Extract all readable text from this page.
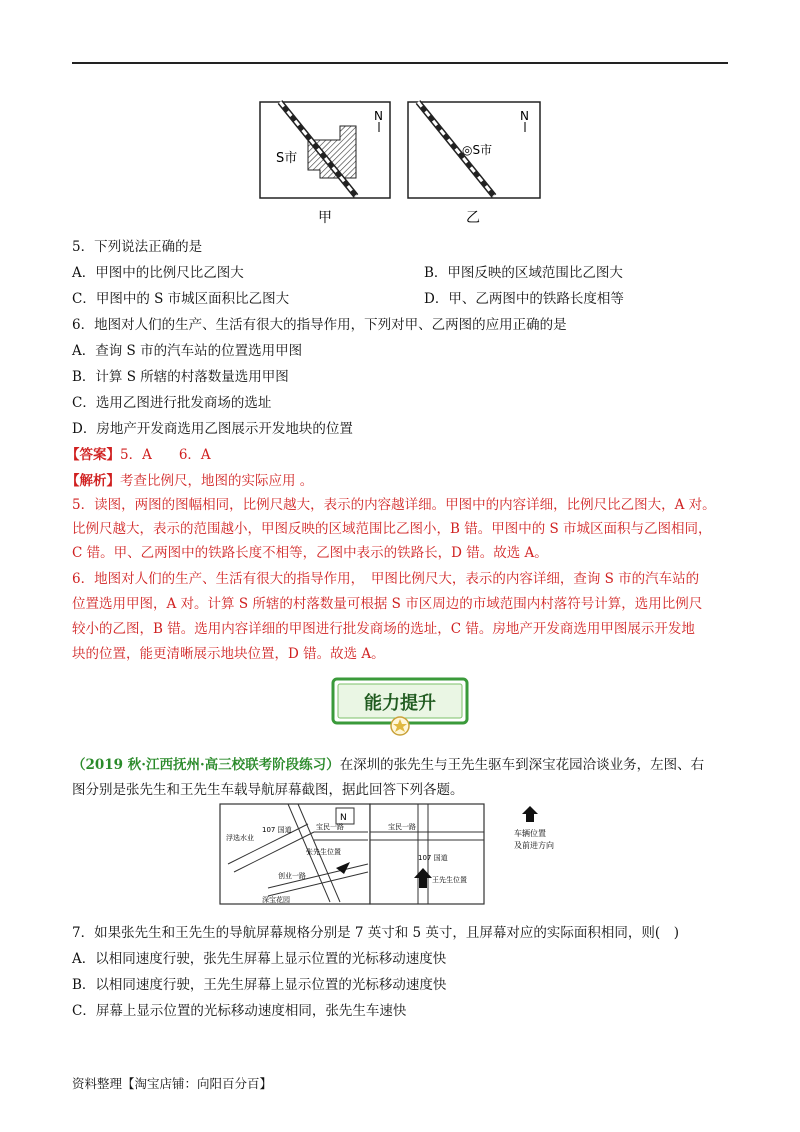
S市
N
甲
◎S市
N
乙
5．下列说法正确的是
A．甲图中的比例尺比乙图大	B．甲图反映的区域范围比乙图大
C．甲图中的 S 市城区面积比乙图大	D．甲、乙两图中的铁路长度相等
6．地图对人们的生产、生活有很大的指导作用，下列对甲、乙两图的应用正确的是
A．查询 S 市的汽车站的位置选用甲图
B．计算 S 所辖的村落数量选用甲图
C．选用乙图进行批发商场的选址
D．房地产开发商选用乙图展示开发地块的位置
【答案】5．A　　6．A
【解析】考查比例尺，地图的实际应用 。
5．读图，两图的图幅相同，比例尺越大，表示的内容越详细。甲图中的内容详细，比例尺比乙图大，A 对。
比例尺越大，表示的范围越小，甲图反映的区域范围比乙图小，B 错。甲图中的 S 市城区面积与乙图相同，
C 错。甲、乙两图中的铁路长度不相等，乙图中表示的铁路长，D 错。故选 A。
6．地图对人们的生产、生活有很大的指导作用，　甲图比例尺大，表示的内容详细，查询 S 市的汽车站的
位置选用甲图，A 对。计算 S 所辖的村落数量可根据 S 市区周边的市域范围内村落符号计算，选用比例尺
较小的乙图，B 错。选用内容详细的甲图进行批发商场的选址，C 错。房地产开发商选用甲图展示开发地
块的位置，能更清晰展示地块位置，D 错。故选 A。
能力提升
（2019 秋·江西抚州·高三校联考阶段练习）在深圳的张先生与王先生驱车到深宝花园洽谈业务，左图、右
图分别是张先生和王先生车载导航屏幕截图，据此回答下列各题。
N
浮选水业
107 国道	宝民一路
张先生位置
创业一路
深宝花园
宝民一路
107 国道
王先生位置
车辆位置
及前进方向
7．如果张先生和王先生的导航屏幕规格分别是 7 英寸和 5 英寸，且屏幕对应的实际面积相同，则(　)
A．以相同速度行驶，张先生屏幕上显示位置的光标移动速度快
B．以相同速度行驶，王先生屏幕上显示位置的光标移动速度快
C．屏幕上显示位置的光标移动速度相同，张先生车速快
资料整理【淘宝店铺：向阳百分百】
